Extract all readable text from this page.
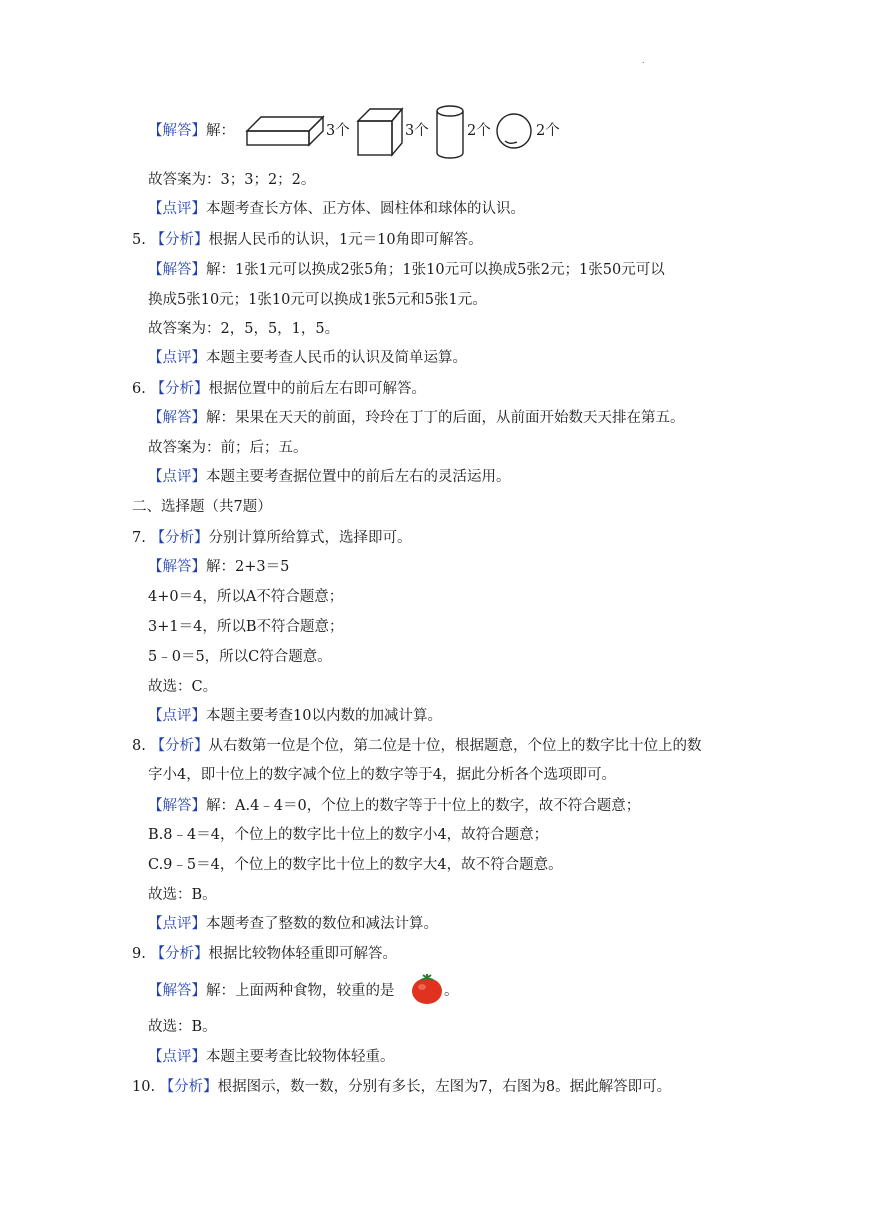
.
【解答】解：	3个	3个	2个	2个
故答案为：3；3；2；2。
【点评】本题考查长方体、正方体、圆柱体和球体的认识。
5. 【分析】根据人民币的认识，1元＝10角即可解答。
【解答】解：1张1元可以换成2张5角；1张10元可以换成5张2元；1张50元可以
换成5张10元；1张10元可以换成1张5元和5张1元。
故答案为：2，5，5，1，5。
【点评】本题主要考查人民币的认识及简单运算。
6. 【分析】根据位置中的前后左右即可解答。
【解答】解：果果在天天的前面，玲玲在丁丁的后面，从前面开始数天天排在第五。
故答案为：前；后；五。
【点评】本题主要考查据位置中的前后左右的灵活运用。
二、选择题（共7题）
7. 【分析】分别计算所给算式，选择即可。
【解答】解：2+3＝5
4+0＝4，所以A不符合题意；
3+1＝4，所以B不符合题意；
5﹣0＝5，所以C符合题意。
故选：C。
【点评】本题主要考查10以内数的加减计算。
8. 【分析】从右数第一位是个位，第二位是十位，根据题意，个位上的数字比十位上的数
字小4，即十位上的数字减个位上的数字等于4，据此分析各个选项即可。
【解答】解：A.4﹣4＝0，个位上的数字等于十位上的数字，故不符合题意；
B.8﹣4＝4，个位上的数字比十位上的数字小4，故符合题意；
C.9﹣5＝4，个位上的数字比十位上的数字大4，故不符合题意。
故选：B。
【点评】本题考查了整数的数位和减法计算。
9. 【分析】根据比较物体轻重即可解答。
【解答】解：上面两种食物，较重的是	。
故选：B。
【点评】本题主要考查比较物体轻重。
10. 【分析】根据图示，数一数，分别有多长，左图为7，右图为8。据此解答即可。
